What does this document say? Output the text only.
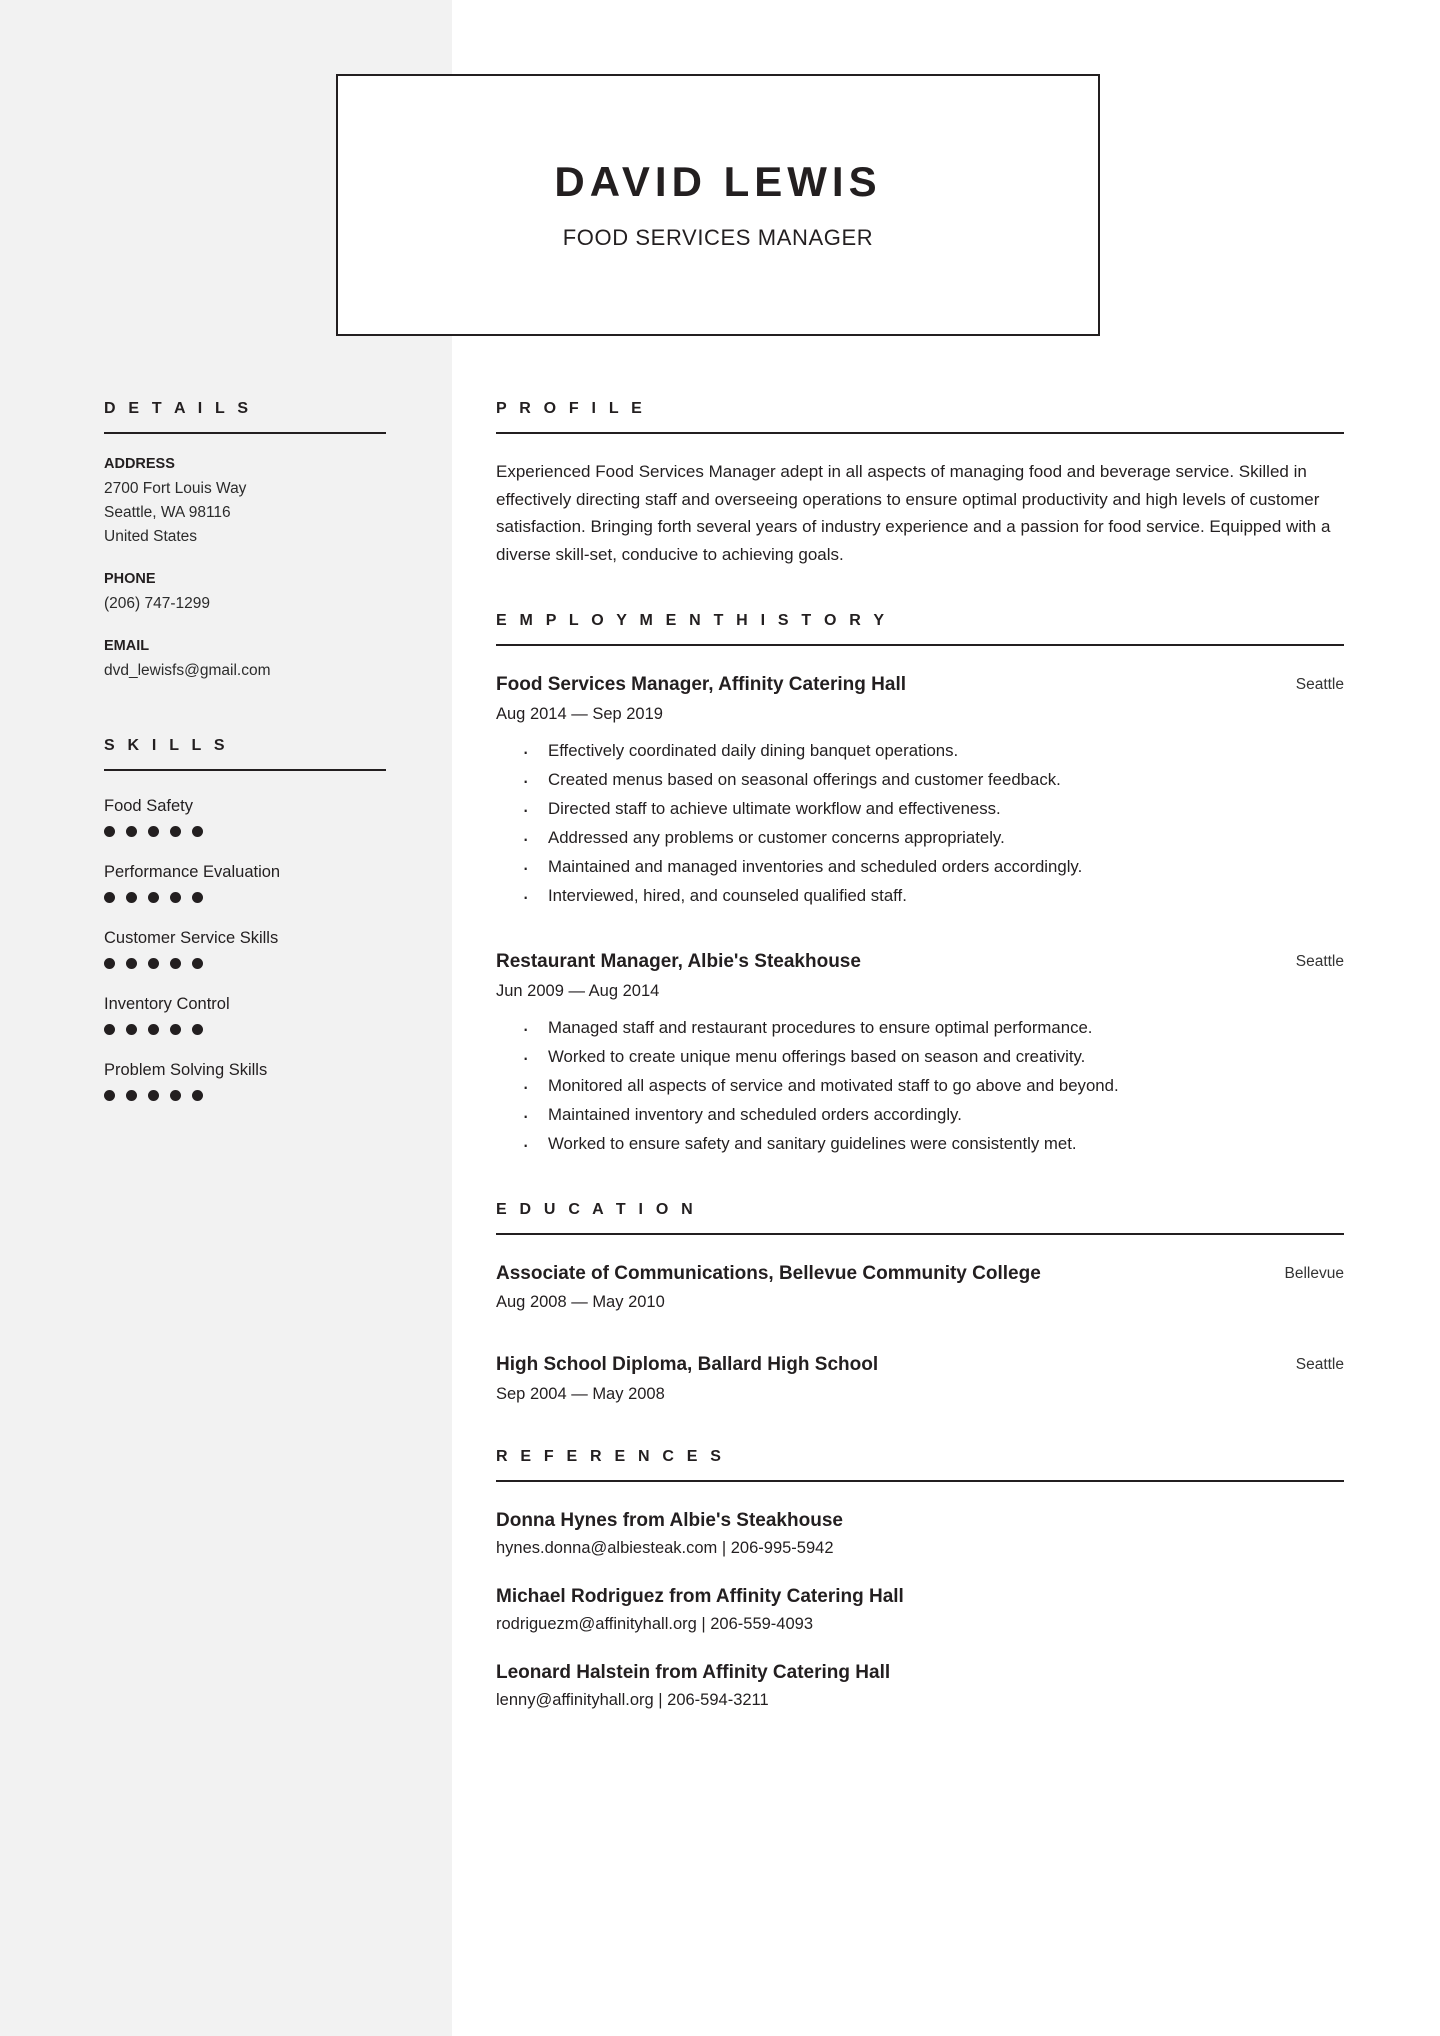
DAVID LEWIS
FOOD SERVICES MANAGER
D E T A I L S
ADDRESS
2700 Fort Louis Way
Seattle, WA 98116
United States
PHONE
(206) 747-1299
EMAIL
dvd_lewisfs@gmail.com
S K I L L S
Food Safety
Performance Evaluation
Customer Service Skills
Inventory Control
Problem Solving Skills
P R O F I L E
Experienced Food Services Manager adept in all aspects of managing food and beverage service. Skilled in effectively directing staff and overseeing operations to ensure optimal productivity and high levels of customer satisfaction. Bringing forth several years of industry experience and a passion for food service. Equipped with a diverse skill-set, conducive to achieving goals.
E M P L O Y M E N T H I S T O R Y
Food Services Manager, Affinity Catering Hall	Seattle
Aug 2014 — Sep 2019
· Effectively coordinated daily dining banquet operations.
· Created menus based on seasonal offerings and customer feedback.
· Directed staff to achieve ultimate workflow and effectiveness.
· Addressed any problems or customer concerns appropriately.
· Maintained and managed inventories and scheduled orders accordingly.
· Interviewed, hired, and counseled qualified staff.
Restaurant Manager, Albie's Steakhouse	Seattle
Jun 2009 — Aug 2014
· Managed staff and restaurant procedures to ensure optimal performance.
· Worked to create unique menu offerings based on season and creativity.
· Monitored all aspects of service and motivated staff to go above and beyond.
· Maintained inventory and scheduled orders accordingly.
· Worked to ensure safety and sanitary guidelines were consistently met.
E D U C A T I O N
Associate of Communications, Bellevue Community College	Bellevue
Aug 2008 — May 2010
High School Diploma, Ballard High School	Seattle
Sep 2004 — May 2008
R E F E R E N C E S
Donna Hynes from Albie's Steakhouse
hynes.donna@albiesteak.com | 206-995-5942
Michael Rodriguez from Affinity Catering Hall
rodriguezm@affinityhall.org | 206-559-4093
Leonard Halstein from Affinity Catering Hall
lenny@affinityhall.org | 206-594-3211
